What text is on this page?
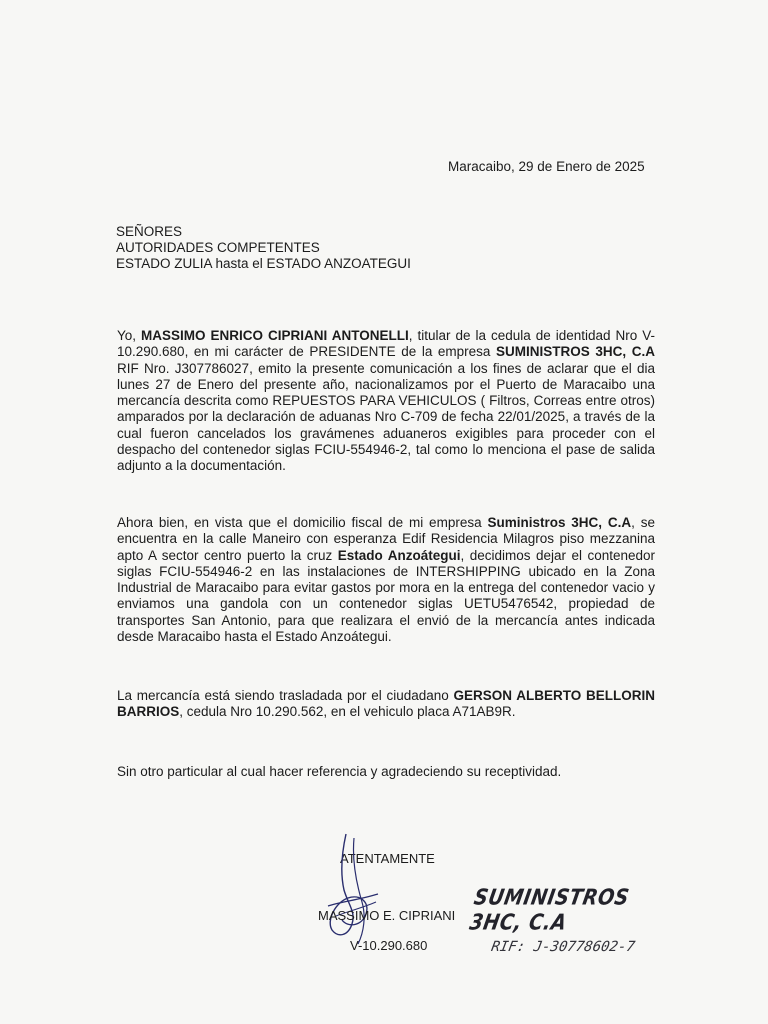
Maracaibo, 29 de Enero de 2025
SEÑORES
AUTORIDADES COMPETENTES
ESTADO ZULIA hasta el ESTADO ANZOATEGUI

Yo, MASSIMO ENRICO CIPRIANI ANTONELLI, titular de la cedula de identidad Nro V-10.290.680, en mi carácter de PRESIDENTE de la empresa SUMINISTROS 3HC, C.A RIF Nro. J307786027, emito la presente comunicación a los fines de aclarar que el dia lunes 27 de Enero del presente año, nacionalizamos por el Puerto de Maracaibo una mercancía descrita como REPUESTOS PARA VEHICULOS ( Filtros, Correas entre otros) amparados por la declaración de aduanas Nro C-709 de fecha 22/01/2025, a través de la cual fueron cancelados los gravámenes aduaneros exigibles para proceder con el despacho del contenedor siglas FCIU-554946-2, tal como lo menciona el pase de salida adjunto a la documentación.

Ahora bien, en vista que el domicilio fiscal de mi empresa Suministros 3HC, C.A, se encuentra en la calle Maneiro con esperanza Edif Residencia Milagros piso mezzanina apto A sector centro puerto la cruz Estado Anzoátegui, decidimos dejar el contenedor siglas FCIU-554946-2 en las instalaciones de INTERSHIPPING ubicado en la Zona Industrial de Maracaibo para evitar gastos por mora en la entrega del contenedor vacio y enviamos una gandola con un contenedor siglas UETU5476542, propiedad de transportes San Antonio, para que realizara el envió de la mercancía antes indicada desde Maracaibo hasta el Estado Anzoátegui.

La mercancía está siendo trasladada por el ciudadano GERSON ALBERTO BELLORIN BARRIOS, cedula Nro 10.290.562, en el vehiculo placa A71AB9R.

Sin otro particular al cual hacer referencia y agradeciendo su receptividad.

ATENTAMENTE
MASSIMO E. CIPRIANI
V-10.290.680
SUMINISTROS 3HC, C.A
RIF: J-30778602-7
